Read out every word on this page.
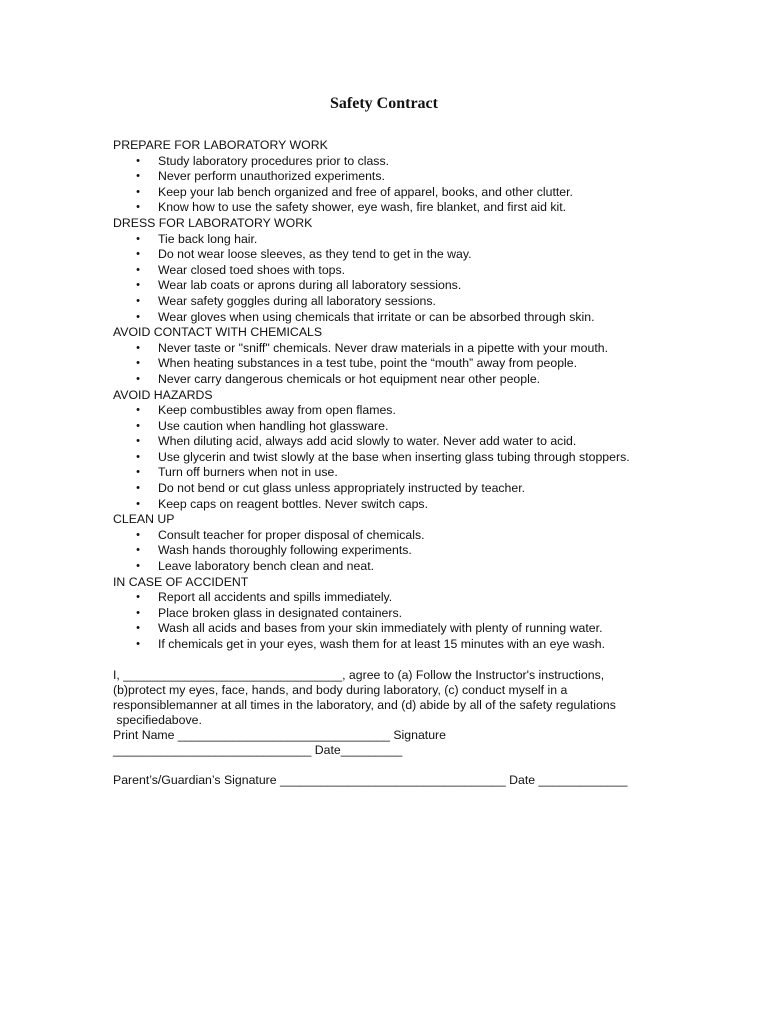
Safety Contract
PREPARE FOR LABORATORY WORK
• Study laboratory procedures prior to class.
• Never perform unauthorized experiments.
• Keep your lab bench organized and free of apparel, books, and other clutter.
• Know how to use the safety shower, eye wash, fire blanket, and first aid kit.
DRESS FOR LABORATORY WORK
• Tie back long hair.
• Do not wear loose sleeves, as they tend to get in the way.
• Wear closed toed shoes with tops.
• Wear lab coats or aprons during all laboratory sessions.
• Wear safety goggles during all laboratory sessions.
• Wear gloves when using chemicals that irritate or can be absorbed through skin.
AVOID CONTACT WITH CHEMICALS
• Never taste or "sniff" chemicals. Never draw materials in a pipette with your mouth.
• When heating substances in a test tube, point the “mouth” away from people.
• Never carry dangerous chemicals or hot equipment near other people.
AVOID HAZARDS
• Keep combustibles away from open flames.
• Use caution when handling hot glassware.
• When diluting acid, always add acid slowly to water. Never add water to acid.
• Use glycerin and twist slowly at the base when inserting glass tubing through stoppers.
• Turn off burners when not in use.
• Do not bend or cut glass unless appropriately instructed by teacher.
• Keep caps on reagent bottles. Never switch caps.
CLEAN UP
• Consult teacher for proper disposal of chemicals.
• Wash hands thoroughly following experiments.
• Leave laboratory bench clean and neat.
IN CASE OF ACCIDENT
• Report all accidents and spills immediately.
• Place broken glass in designated containers.
• Wash all acids and bases from your skin immediately with plenty of running water.
• If chemicals get in your eyes, wash them for at least 15 minutes with an eye wash.

I, ________________________________, agree to (a) Follow the Instructor's instructions,

(b)protect my eyes, face, hands, and body during laboratory, (c) conduct myself in a

responsiblemanner at all times in the laboratory, and (d) abide by all of the safety regulations

specifiedabove.

Print Name _______________________________ Signature

_____________________________ Date_________

Parent’s/Guardian’s Signature _________________________________ Date _____________
